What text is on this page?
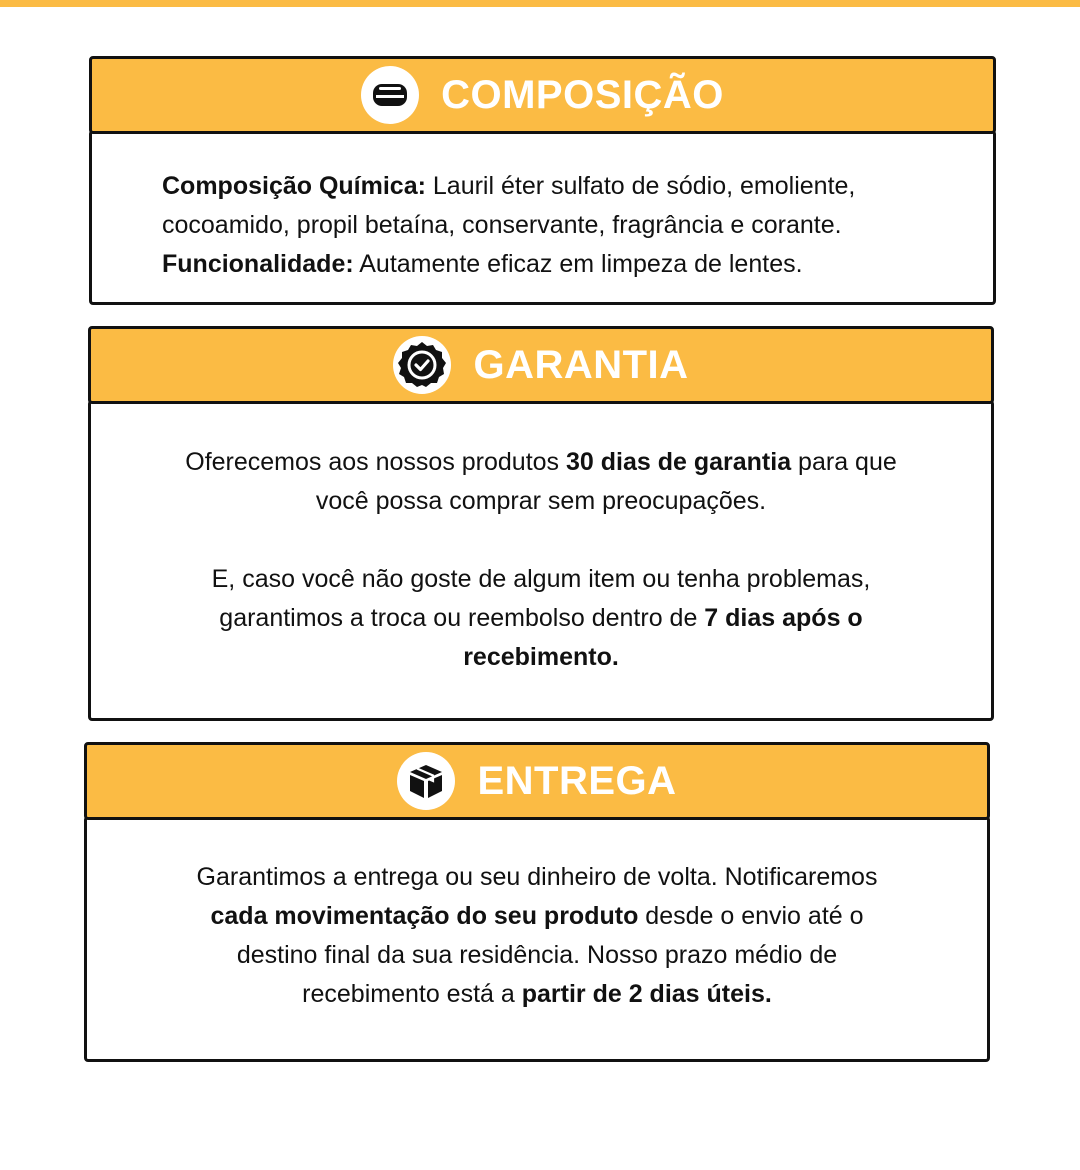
Composição Química: Lauril éter sulfato de sódio, emoliente,

cocoamido, propil betaína, conservante, fragrância e corante.

Funcionalidade: Autamente eficaz em limpeza de lentes.

COMPOSIÇÃO

Oferecemos aos nossos produtos 30 dias de garantia para que

você possa comprar sem preocupações.

E, caso você não goste de algum item ou tenha problemas,

garantimos a troca ou reembolso dentro de 7 dias após o

recebimento.

GARANTIA

Garantimos a entrega ou seu dinheiro de volta. Notificaremos

cada movimentação do seu produto desde o envio até o

destino final da sua residência. Nosso prazo médio de

recebimento está a partir de 2 dias úteis.

ENTREGA
